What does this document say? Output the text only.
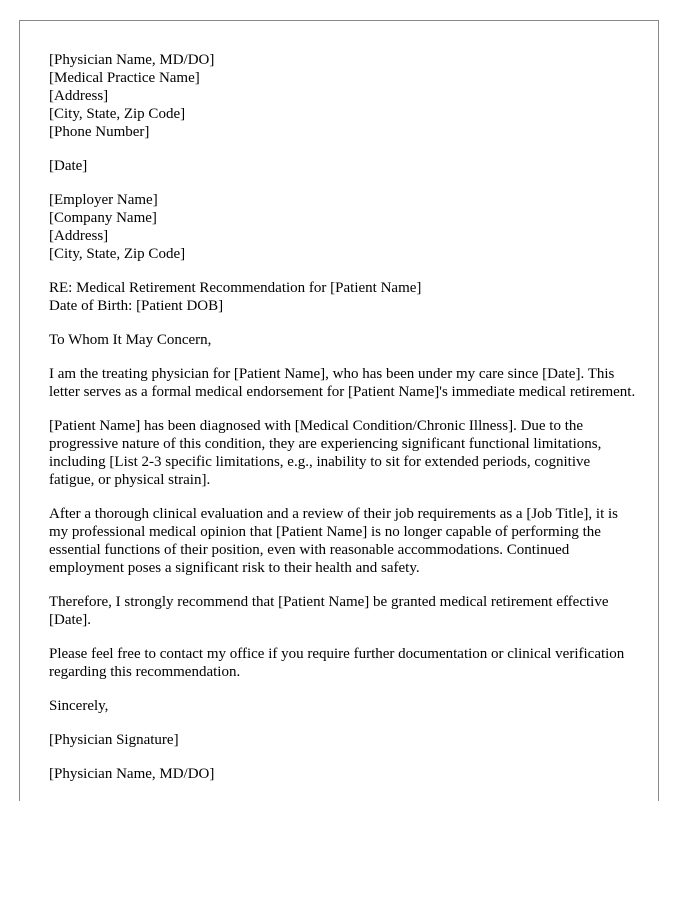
[Physician Name, MD/DO]
[Medical Practice Name]
[Address]
[City, State, Zip Code]
[Phone Number]
[Date]
[Employer Name]
[Company Name]
[Address]
[City, State, Zip Code]
RE: Medical Retirement Recommendation for [Patient Name]
Date of Birth: [Patient DOB]

To Whom It May Concern,

I am the treating physician for [Patient Name], who has been under my care since [Date]. This letter serves as a formal medical endorsement for [Patient Name]'s immediate medical retirement.

[Patient Name] has been diagnosed with [Medical Condition/Chronic Illness]. Due to the progressive nature of this condition, they are experiencing significant functional limitations, including [List 2-3 specific limitations, e.g., inability to sit for extended periods, cognitive fatigue, or physical strain].

After a thorough clinical evaluation and a review of their job requirements as a [Job Title], it is my professional medical opinion that [Patient Name] is no longer capable of performing the essential functions of their position, even with reasonable accommodations. Continued employment poses a significant risk to their health and safety.

Therefore, I strongly recommend that [Patient Name] be granted medical retirement effective [Date].

Please feel free to contact my office if you require further documentation or clinical verification regarding this recommendation.

Sincerely,

[Physician Signature]

[Physician Name, MD/DO]
